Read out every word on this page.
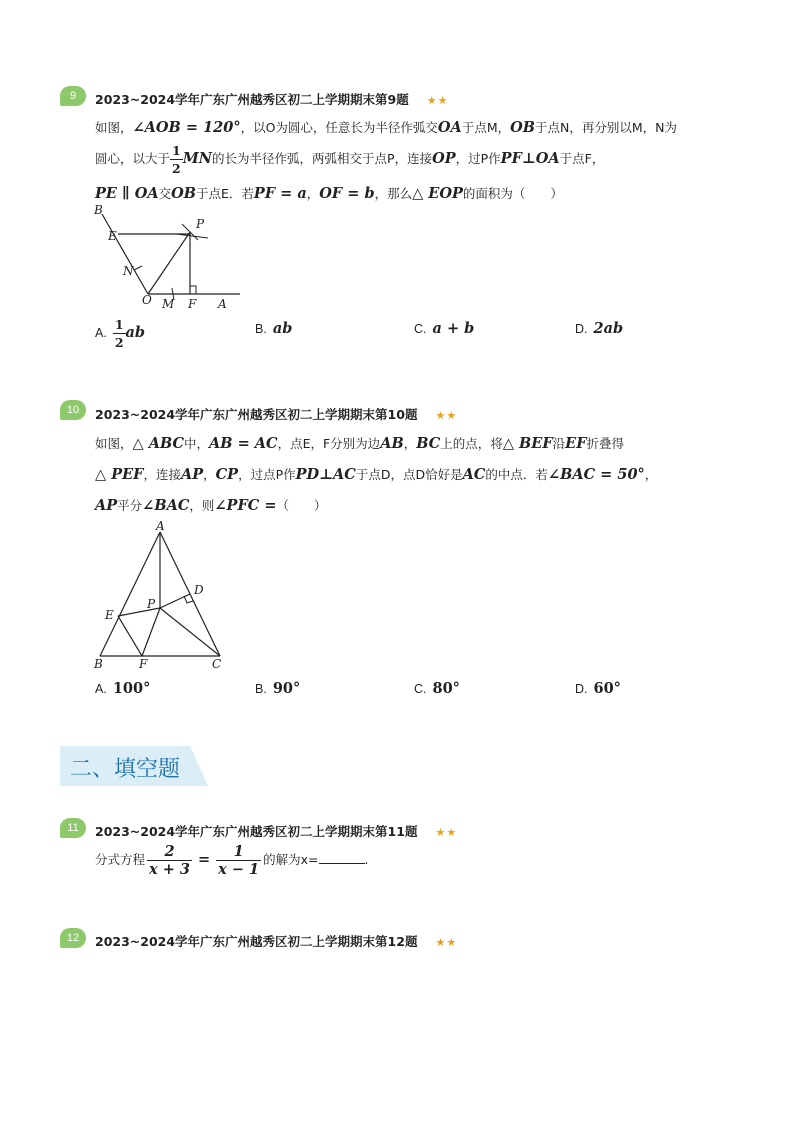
9	2023~2024学年广东广州越秀区初二上学期期末第9题 ★★
如图，∠AOB = 120°，以O为圆心，任意长为半径作弧交OA于点M，OB于点N，再分别以M，N为
圆心，以大于 $\frac{1}{2}$ MN的长为半径作弧，两弧相交于点P，连接OP，过P作PF⊥OA于点F，
PE ∥ OA交OB于点E．若PF = a，OF = b，那么△ EOP的面积为（　　）
B
E
P
N
O M F A
A. $\frac{1}{2}$ ab	B. ab	C. a + b	D. 2ab
10	2023~2024学年广东广州越秀区初二上学期期末第10题 ★★
如图，△ ABC中，AB = AC，点E，F分别为边AB，BC上的点，将△ BEF沿EF折叠得
△ PEF，连接AP，CP，过点P作PD⊥AC于点D，点D恰好是AC的中点．若∠BAC = 50°，
AP平分∠BAC，则∠PFC =（　　）
A
D
P
E
B	F	C
A. 100°	B. 90°	C. 80°	D. 60°
二、填空题
11	2023~2024学年广东广州越秀区初二上学期期末第11题 ★★
分式方程 $\frac{2}{x + 3} = \frac{1}{x - 1}$ 的解为x=	.
12	2023~2024学年广东广州越秀区初二上学期期末第12题 ★★
